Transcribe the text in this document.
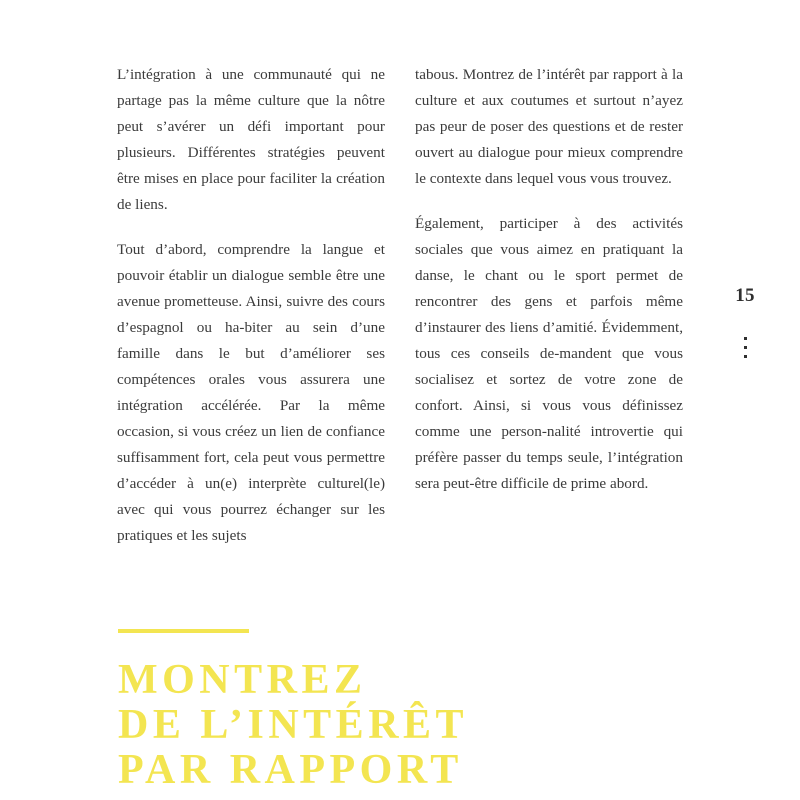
L’intégration à une communauté qui ne partage pas la même culture que la nôtre peut s’avérer un défi important pour plusieurs. Différentes stratégies peuvent être mises en place pour faciliter la création de liens.

Tout d’abord, comprendre la langue et pouvoir établir un dialogue semble être une avenue prometteuse. Ainsi, suivre des cours d’espagnol ou ha-biter au sein d’une famille dans le but d’améliorer ses compétences orales vous assurera une intégration accélérée. Par la même occasion, si vous créez un lien de confiance suffisamment fort, cela peut vous permettre d’accéder à un(e) interprète culturel(le) avec qui vous pourrez échanger sur les pratiques et les sujets

tabous. Montrez de l’intérêt par rapport à la culture et aux coutumes et surtout n’ayez pas peur de poser des questions et de rester ouvert au dialogue pour mieux comprendre le contexte dans lequel vous vous trouvez.

Également, participer à des activités sociales que vous aimez en pratiquant la danse, le chant ou le sport permet de rencontrer des gens et parfois même d’instaurer des liens d’amitié. Évidemment, tous ces conseils de-mandent que vous socialisez et sortez de votre zone de confort. Ainsi, si vous vous définissez comme une person-nalité introvertie qui préfère passer du temps seule, l’intégration sera peut-être difficile de prime abord.

15
MONTREZ
DE L’INTÉRÊT
PAR RAPPORT
